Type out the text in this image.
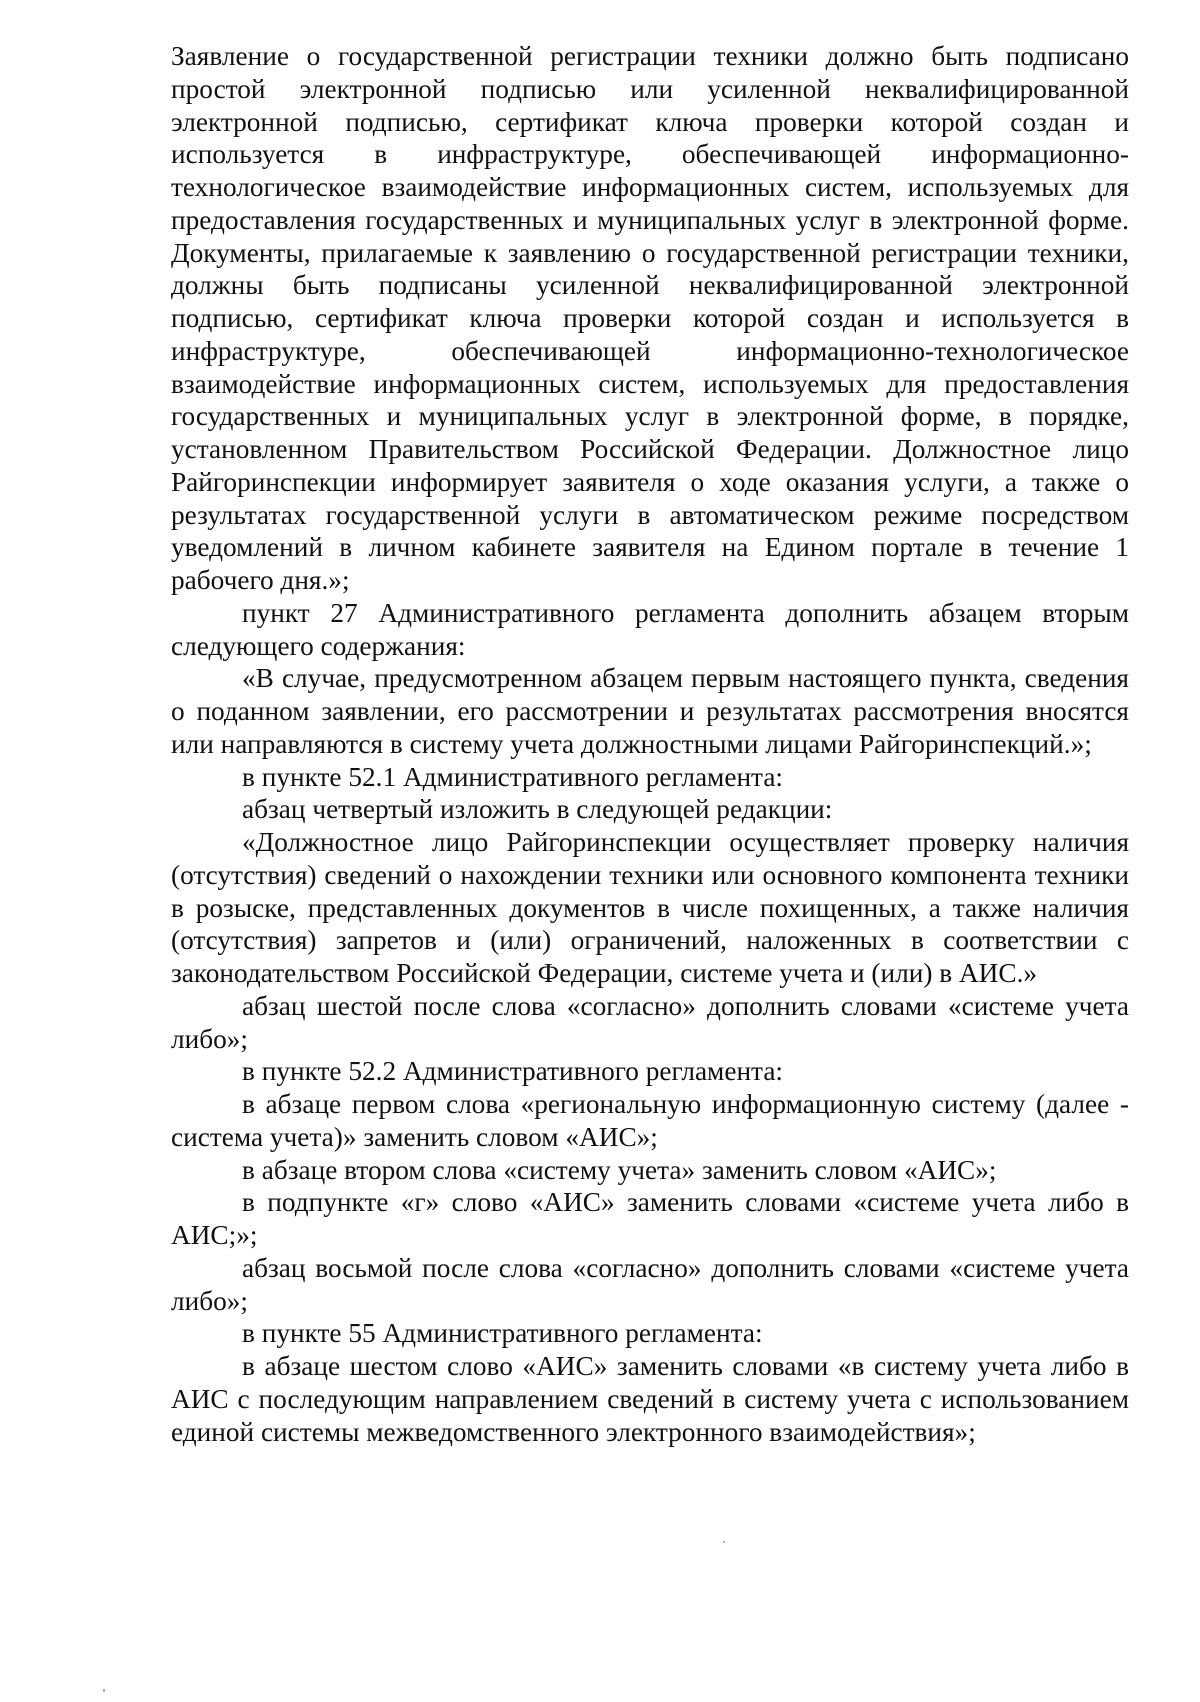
Заявление о государственной регистрации техники должно быть подписано простой электронной подписью или усиленной неквалифицированной электронной подписью, сертификат ключа проверки которой создан и используется в инфраструктуре, обеспечивающей информационно-технологическое взаимодействие информационных систем, используемых для предоставления государственных и муниципальных услуг в электронной форме. Документы, прилагаемые к заявлению о государственной регистрации техники, должны быть подписаны усиленной неквалифицированной электронной подписью, сертификат ключа проверки которой создан и используется в инфраструктуре, обеспечивающей информационно-технологическое взаимодействие информационных систем, используемых для предоставления государственных и муниципальных услуг в электронной форме, в порядке, установленном Правительством Российской Федерации. Должностное лицо Райгоринспекции информирует заявителя о ходе оказания услуги, а также о результатах государственной услуги в автоматическом режиме посредством уведомлений в личном кабинете заявителя на Едином портале в течение 1 рабочего дня.»;

пункт 27 Административного регламента дополнить абзацем вторым следующего содержания:

«В случае, предусмотренном абзацем первым настоящего пункта, сведения о поданном заявлении, его рассмотрении и результатах рассмотрения вносятся или направляются в систему учета должностными лицами Райгоринспекций.»;

в пункте 52.1 Административного регламента:

абзац четвертый изложить в следующей редакции:

«Должностное лицо Райгоринспекции осуществляет проверку наличия (отсутствия) сведений о нахождении техники или основного компонента техники в розыске, представленных документов в числе похищенных, а также наличия (отсутствия) запретов и (или) ограничений, наложенных в соответствии с законодательством Российской Федерации, системе учета и (или) в АИС.»

абзац шестой после слова «согласно» дополнить словами «системе учета либо»;

в пункте 52.2 Административного регламента:

в абзаце первом слова «региональную информационную систему (далее - система учета)» заменить словом «АИС»;

в абзаце втором слова «систему учета» заменить словом «АИС»;

в подпункте «г» слово «АИС» заменить словами «системе учета либо в АИС;»;

абзац восьмой после слова «согласно» дополнить словами «системе учета либо»;

в пункте 55 Административного регламента:

в абзаце шестом слово «АИС» заменить словами «в систему учета либо в АИС с последующим направлением сведений в систему учета с использованием единой системы межведомственного электронного взаимодействия»;
